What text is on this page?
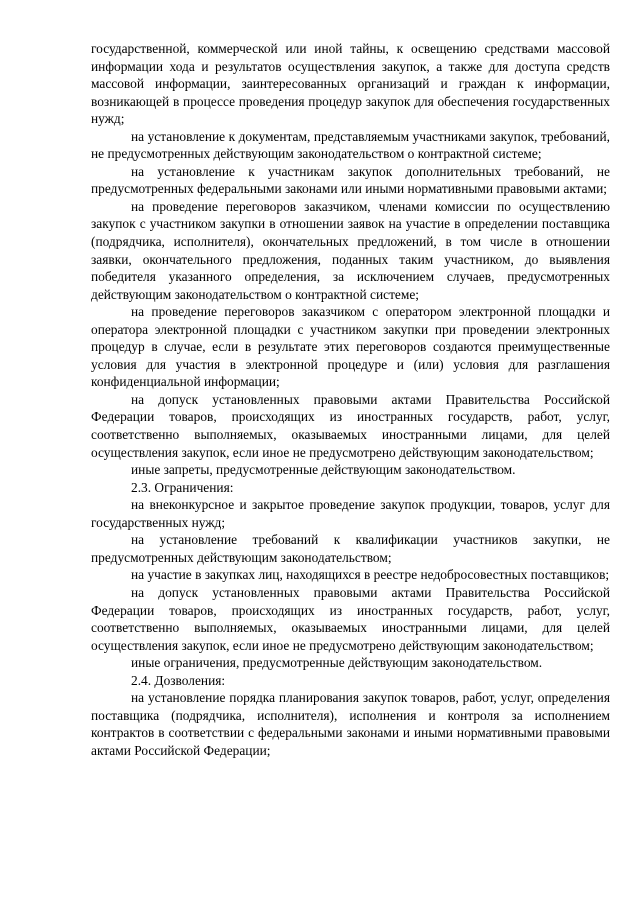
государственной, коммерческой или иной тайны, к освещению средствами массовой информации хода и результатов осуществления закупок, а также для доступа средств массовой информации, заинтересованных организаций и граждан к информации, возникающей в процессе проведения процедур закупок для обеспечения государственных нужд;

на установление к документам, представляемым участниками закупок, требований, не предусмотренных действующим законодательством о контрактной системе;

на установление к участникам закупок дополнительных требований, не предусмотренных федеральными законами или иными нормативными правовыми актами;

на проведение переговоров заказчиком, членами комиссии по осуществлению закупок с участником закупки в отношении заявок на участие в определении поставщика (подрядчика, исполнителя), окончательных предложений, в том числе в отношении заявки, окончательного предложения, поданных таким участником, до выявления победителя указанного определения, за исключением случаев, предусмотренных действующим законодательством о контрактной системе;

на проведение переговоров заказчиком с оператором электронной площадки и оператора электронной площадки с участником закупки при проведении электронных процедур в случае, если в результате этих переговоров создаются преимущественные условия для участия в электронной процедуре и (или) условия для разглашения конфиденциальной информации;

на допуск установленных правовыми актами Правительства Российской Федерации товаров, происходящих из иностранных государств, работ, услуг, соответственно выполняемых, оказываемых иностранными лицами, для целей осуществления закупок, если иное не предусмотрено действующим законодательством;

иные запреты, предусмотренные действующим законодательством.

2.3. Ограничения:

на внеконкурсное и закрытое проведение закупок продукции, товаров, услуг для государственных нужд;

на установление требований к квалификации участников закупки, не предусмотренных действующим законодательством;

на участие в закупках лиц, находящихся в реестре недобросовестных поставщиков;

на допуск установленных правовыми актами Правительства Российской Федерации товаров, происходящих из иностранных государств, работ, услуг, соответственно выполняемых, оказываемых иностранными лицами, для целей осуществления закупок, если иное не предусмотрено действующим законодательством;

иные ограничения, предусмотренные действующим законодательством.

2.4. Дозволения:

на установление порядка планирования закупок товаров, работ, услуг, определения поставщика (подрядчика, исполнителя), исполнения и контроля за исполнением контрактов в соответствии с федеральными законами и иными нормативными правовыми актами Российской Федерации;
